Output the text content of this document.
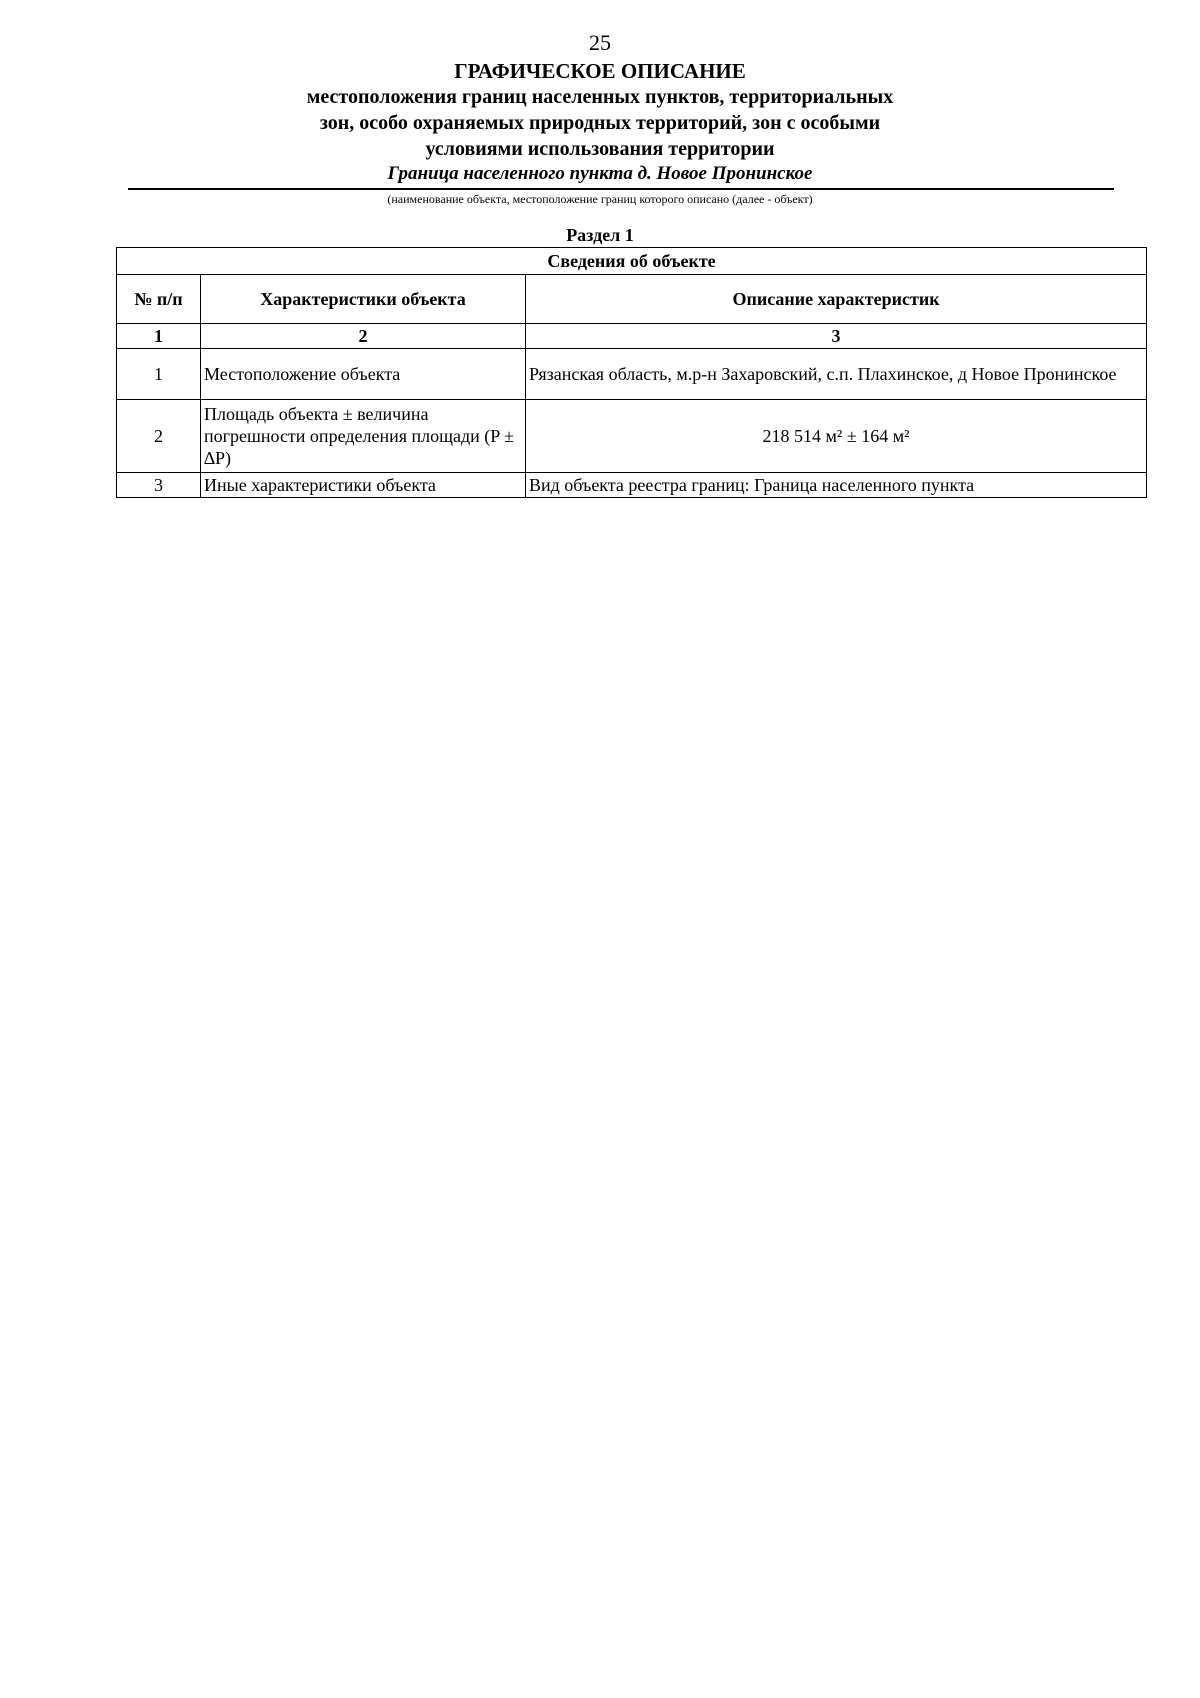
25
ГРАФИЧЕСКОЕ ОПИСАНИЕ
местоположения границ населенных пунктов, территориальных
зон, особо охраняемых природных территорий, зон с особыми
условиями использования территории
Граница населенного пункта д. Новое Пронинское
(наименование объекта, местоположение границ которого описано (далее - объект)
Раздел 1
Сведения об объекте		
№ п/п	Характеристики объекта	Описание характеристик
1	2	3
1	Местоположение объекта	Рязанская область, м.р-н Захаровский, с.п. Плахинское, д Новое Пронинское
2	Площадь объекта ± величина погрешности определения площади (P ± ∆P)	218 514 м² ± 164 м²
3	Иные характеристики объекта	Вид объекта реестра границ: Граница населенного пункта
